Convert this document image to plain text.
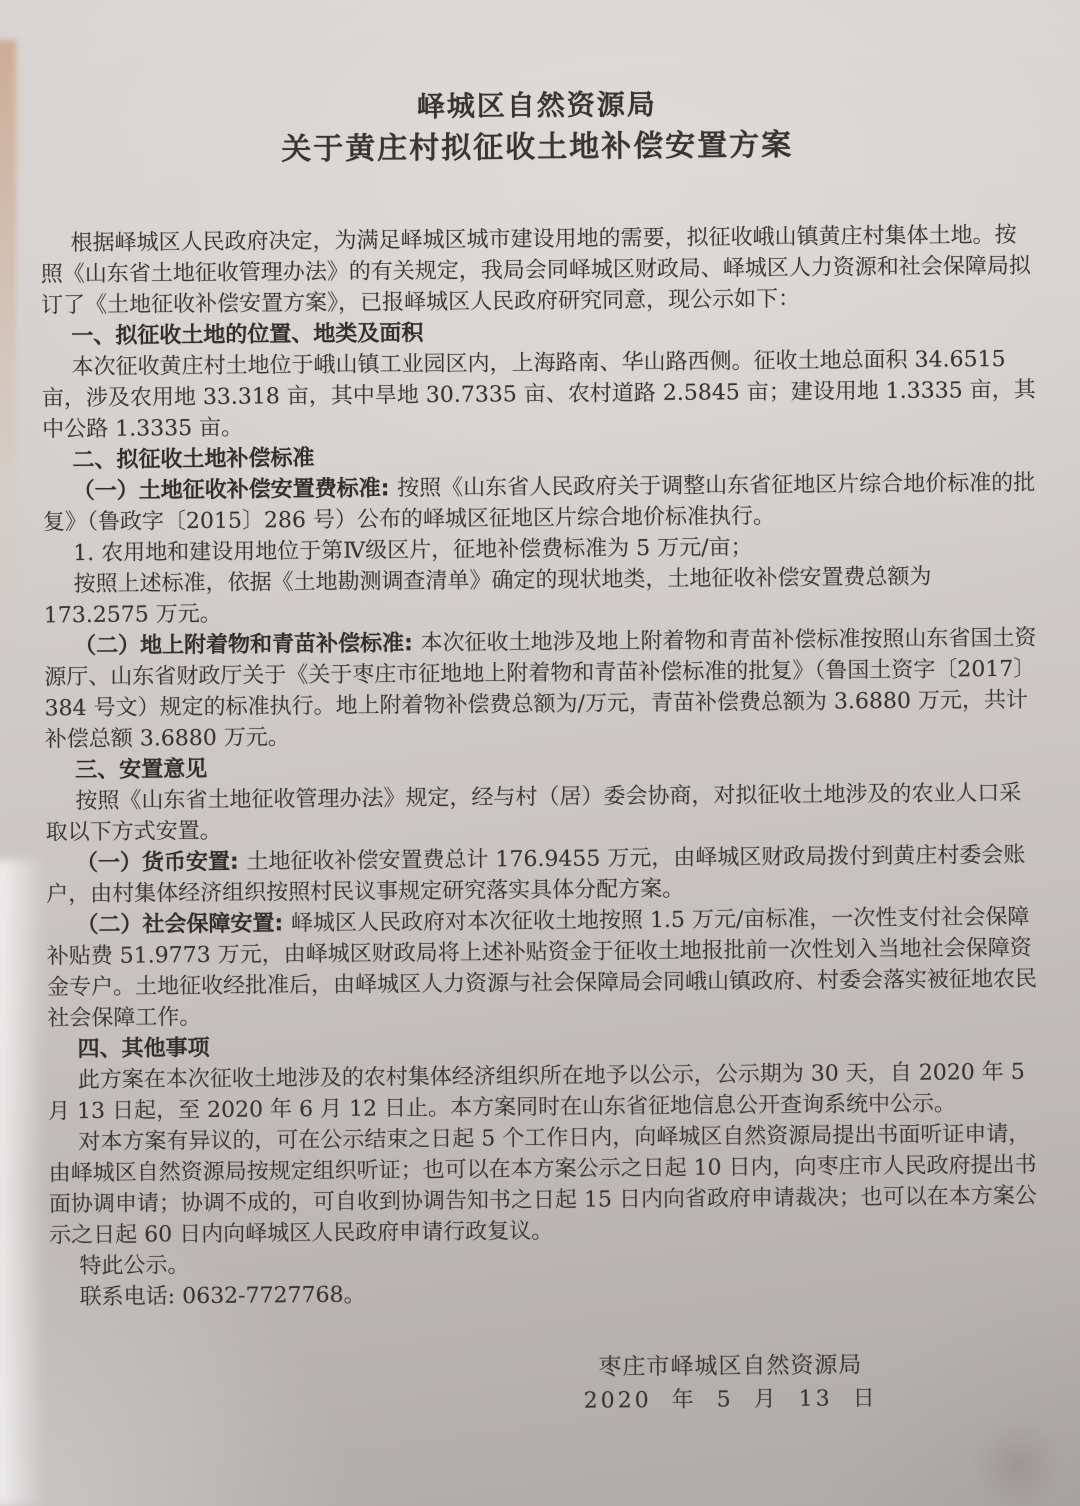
峄城区自然资源局
关于黄庄村拟征收土地补偿安置方案

根据峄城区人民政府决定，为满足峄城区城市建设用地的需要，拟征收峨山镇黄庄村集体土地。按照《山东省土地征收管理办法》的有关规定，我局会同峄城区财政局、峄城区人力资源和社会保障局拟订了《土地征收补偿安置方案》，已报峄城区人民政府研究同意，现公示如下：

一、拟征收土地的位置、地类及面积

本次征收黄庄村土地位于峨山镇工业园区内，上海路南、华山路西侧。征收土地总面积 34.6515 亩，涉及农用地 33.318 亩，其中旱地 30.7335 亩、农村道路 2.5845 亩；建设用地 1.3335 亩，其中公路 1.3335 亩。

二、拟征收土地补偿标准

（一）土地征收补偿安置费标准: 按照《山东省人民政府关于调整山东省征地区片综合地价标准的批复》（鲁政字〔2015〕286 号）公布的峄城区征地区片综合地价标准执行。

1. 农用地和建设用地位于第Ⅳ级区片，征地补偿费标准为 5 万元/亩；

按照上述标准，依据《土地勘测调查清单》确定的现状地类，土地征收补偿安置费总额为 173.2575 万元。

（二）地上附着物和青苗补偿标准: 本次征收土地涉及地上附着物和青苗补偿标准按照山东省国土资源厅、山东省财政厅关于《关于枣庄市征地地上附着物和青苗补偿标准的批复》（鲁国土资字〔2017〕384 号文）规定的标准执行。地上附着物补偿费总额为/万元，青苗补偿费总额为 3.6880 万元，共计补偿总额 3.6880 万元。

三、安置意见

按照《山东省土地征收管理办法》规定，经与村（居）委会协商，对拟征收土地涉及的农业人口采取以下方式安置。

（一）货币安置: 土地征收补偿安置费总计 176.9455 万元，由峄城区财政局拨付到黄庄村委会账户，由村集体经济组织按照村民议事规定研究落实具体分配方案。

（二）社会保障安置: 峄城区人民政府对本次征收土地按照 1.5 万元/亩标准，一次性支付社会保障补贴费 51.9773 万元，由峄城区财政局将上述补贴资金于征收土地报批前一次性划入当地社会保障资金专户。土地征收经批准后，由峄城区人力资源与社会保障局会同峨山镇政府、村委会落实被征地农民社会保障工作。

四、其他事项

此方案在本次征收土地涉及的农村集体经济组织所在地予以公示，公示期为 30 天，自 2020 年 5 月 13 日起，至 2020 年 6 月 12 日止。本方案同时在山东省征地信息公开查询系统中公示。

对本方案有异议的，可在公示结束之日起 5 个工作日内，向峄城区自然资源局提出书面听证申请，由峄城区自然资源局按规定组织听证；也可以在本方案公示之日起 10 日内，向枣庄市人民政府提出书面协调申请；协调不成的，可自收到协调告知书之日起 15 日内向省政府申请裁决；也可以在本方案公示之日起 60 日内向峄城区人民政府申请行政复议。

特此公示。

联系电话: 0632-7727768。

枣庄市峄城区自然资源局
2020 年 5 月 13 日
